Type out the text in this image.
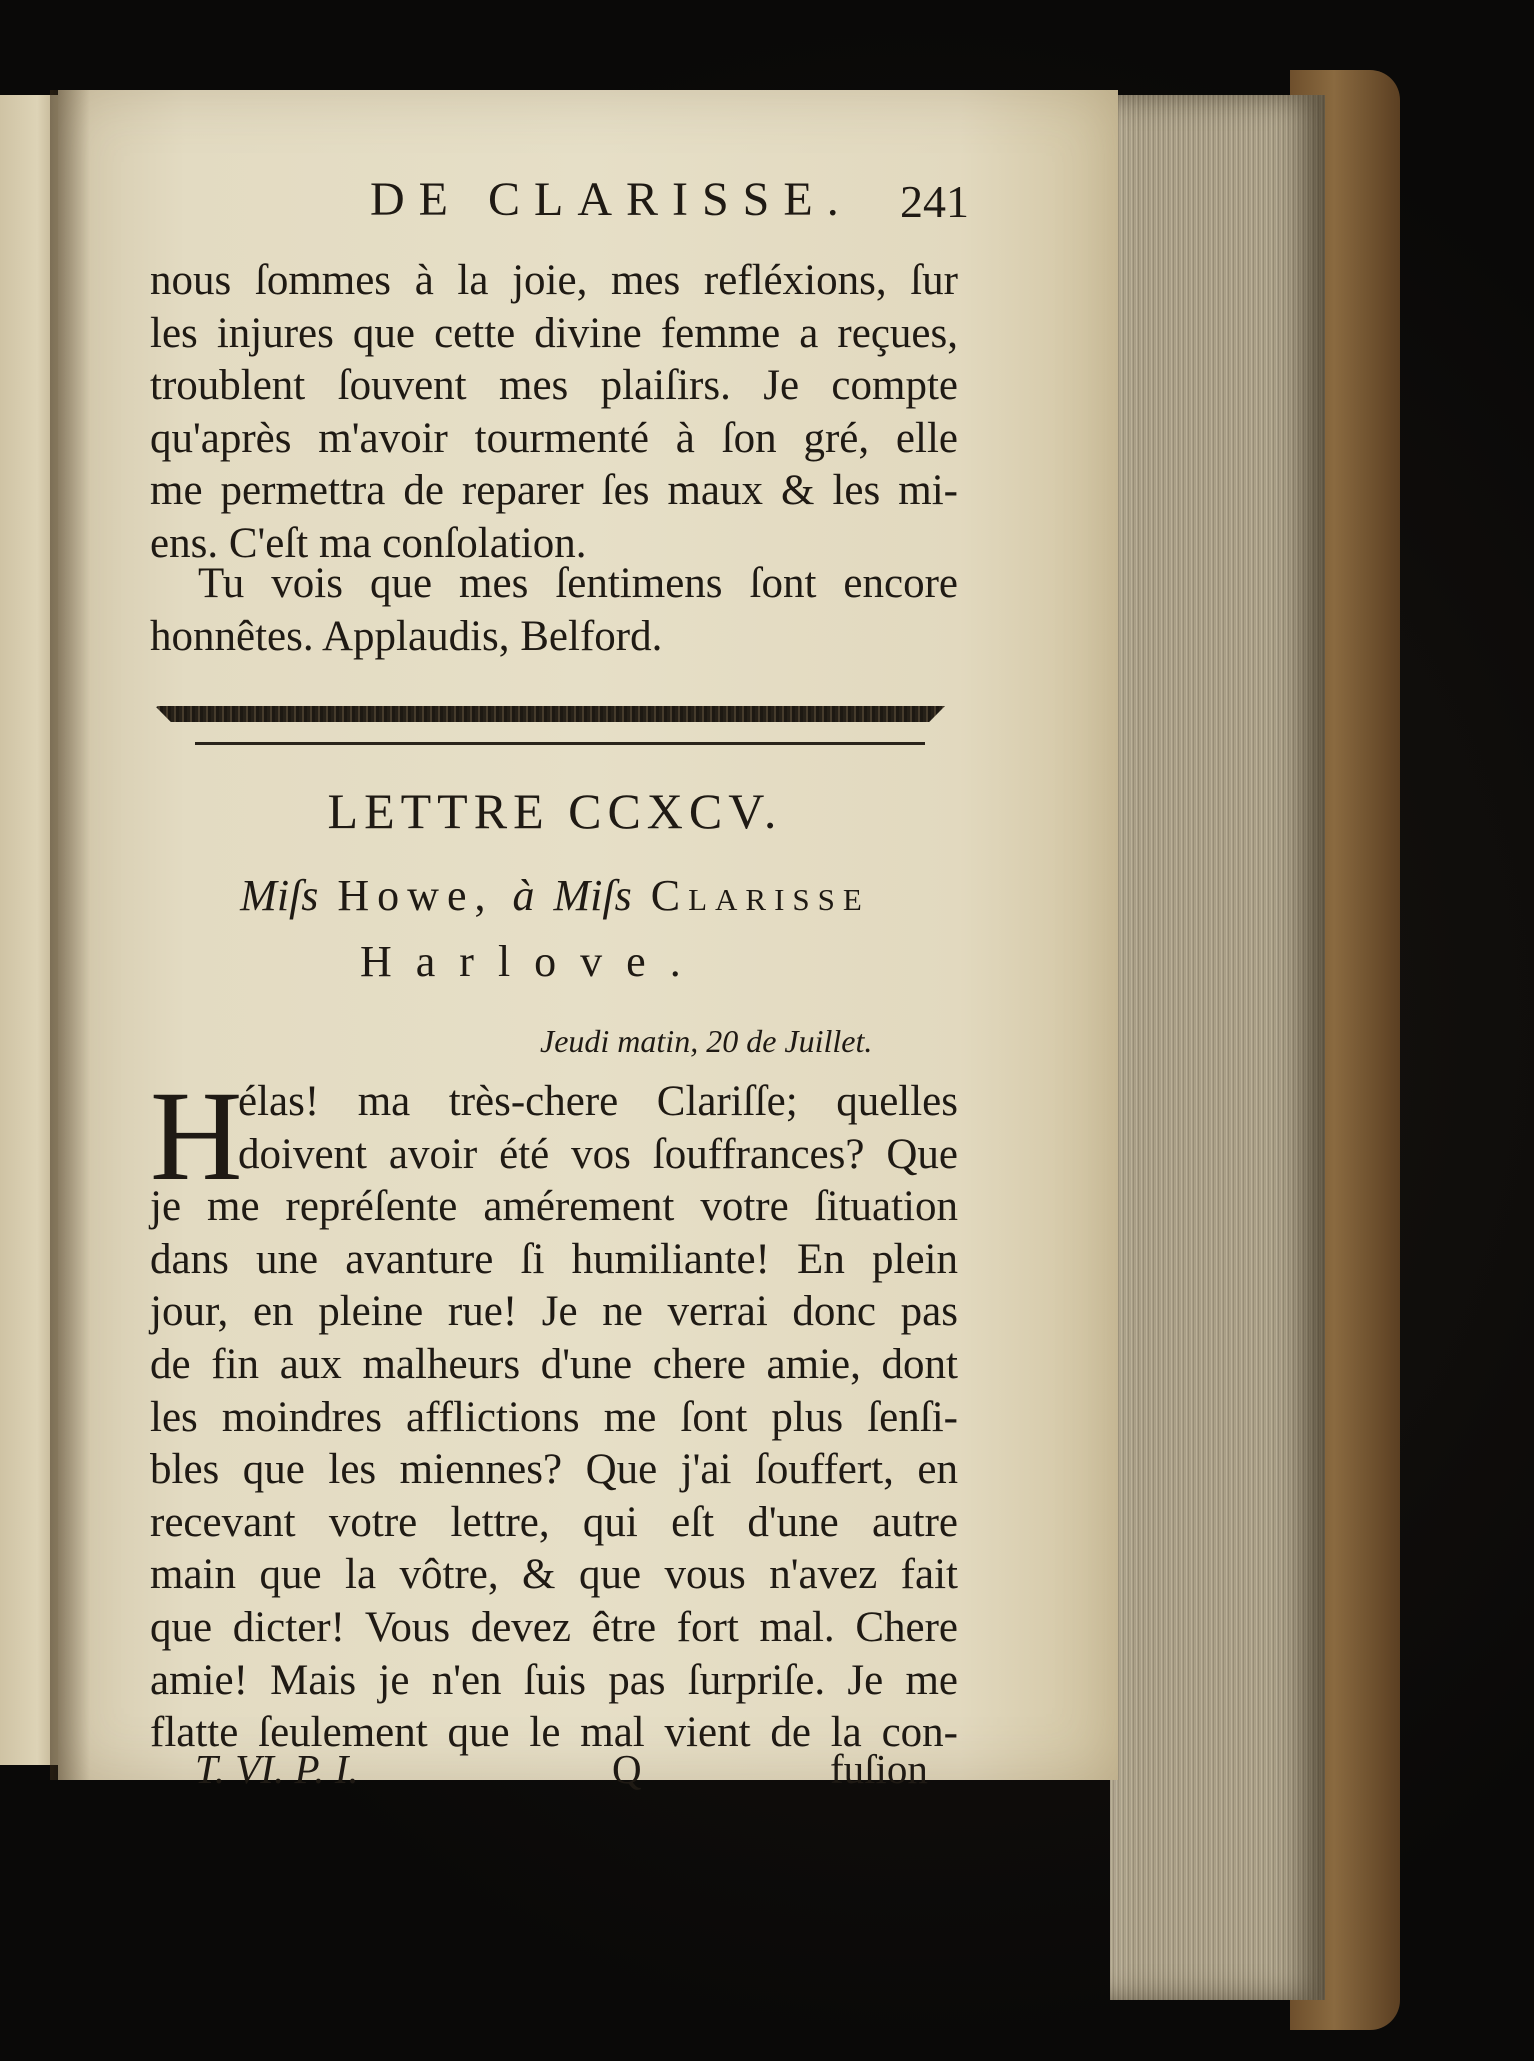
DE CLARISSE. 241
nous ſommes à la joie, mes refléxions, ſur
les injures que cette divine femme a reçues,
troublent ſouvent mes plaiſirs. Je compte
qu'après m'avoir tourmenté à ſon gré, elle
me permettra de reparer ſes maux & les mi-
ens. C'eſt ma conſolation.
Tu vois que mes ſentimens ſont encore
honnêtes. Applaudis, Belford.
LETTRE CCXCV.
Miſs Howe, à Miſs Clarisse
Harlove.
Jeudi matin, 20 de Juillet.
H
élas! ma très-chere Clariſſe; quelles
doivent avoir été vos ſouffrances? Que
je me repréſente amérement votre ſituation
dans une avanture ſi humiliante! En plein
jour, en pleine rue! Je ne verrai donc pas
de fin aux malheurs d'une chere amie, dont
les moindres afflictions me ſont plus ſenſi-
bles que les miennes? Que j'ai ſouffert, en
recevant votre lettre, qui eſt d'une autre
main que la vôtre, & que vous n'avez fait
que dicter! Vous devez être fort mal. Chere
amie! Mais je n'en ſuis pas ſurpriſe. Je me
flatte ſeulement que le mal vient de la con-
T. VI. P. I.	Q	fuſion
